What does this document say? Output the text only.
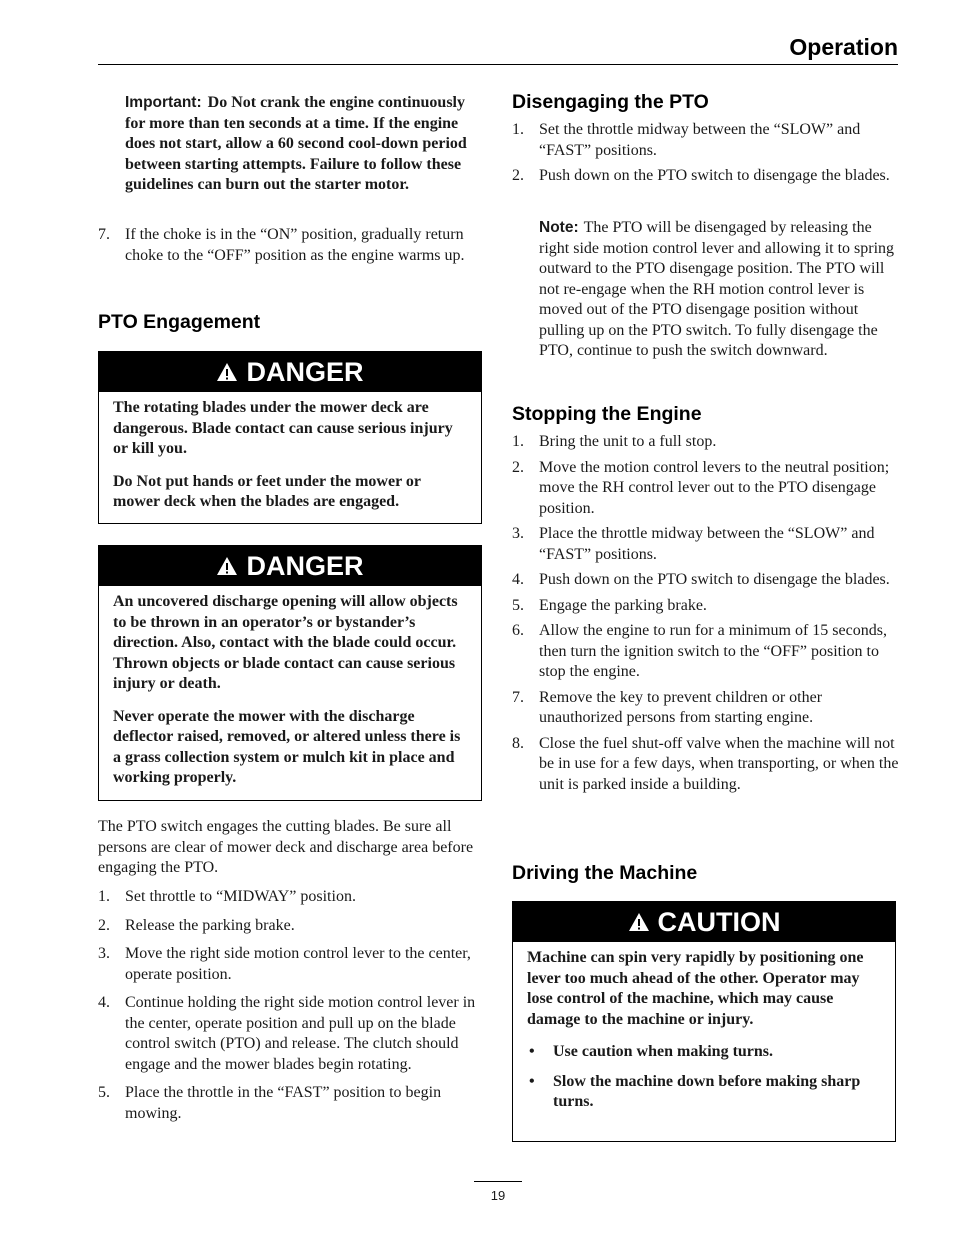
Operation
Important: Do Not crank the engine continuously for more than ten seconds at a time. If the engine does not start, allow a 60 second cool-down period between starting attempts. Failure to follow these guidelines can burn out the starter motor.
7. If the choke is in the “ON” position, gradually return choke to the “OFF” position as the engine warms up.
PTO Engagement
DANGER

The rotating blades under the mower deck are dangerous. Blade contact can cause serious injury or kill you.

Do Not put hands or feet under the mower or mower deck when the blades are engaged.

DANGER

An uncovered discharge opening will allow objects to be thrown in an operator’s or bystander’s direction. Also, contact with the blade could occur. Thrown objects or blade contact can cause serious injury or death.

Never operate the mower with the discharge deflector raised, removed, or altered unless there is a grass collection system or mulch kit in place and working properly.

The PTO switch engages the cutting blades. Be sure all persons are clear of mower deck and discharge area before engaging the PTO.

1. Set throttle to “MIDWAY” position.
2. Release the parking brake.
3. Move the right side motion control lever to the center, operate position.
4. Continue holding the right side motion control lever in the center, operate position and pull up on the blade control switch (PTO) and release. The clutch should engage and the mower blades begin rotating.
5. Place the throttle in the “FAST” position to begin mowing.
Disengaging the PTO
1. Set the throttle midway between the “SLOW” and “FAST” positions.
2. Push down on the PTO switch to disengage the blades.

Note: The PTO will be disengaged by releasing the right side motion control lever and allowing it to spring outward to the PTO disengage position. The PTO will not re-engage when the RH motion control lever is moved out of the PTO disengage position without pulling up on the PTO switch. To fully disengage the PTO, continue to push the switch downward.

Stopping the Engine
1. Bring the unit to a full stop.
2. Move the motion control levers to the neutral position; move the RH control lever out to the PTO disengage position.
3. Place the throttle midway between the “SLOW” and “FAST” positions.
4. Push down on the PTO switch to disengage the blades.
5. Engage the parking brake.
6. Allow the engine to run for a minimum of 15 seconds, then turn the ignition switch to the “OFF” position to stop the engine.
7. Remove the key to prevent children or other unauthorized persons from starting engine.
8. Close the fuel shut-off valve when the machine will not be in use for a few days, when transporting, or when the unit is parked inside a building.
Driving the Machine
CAUTION

Machine can spin very rapidly by positioning one lever too much ahead of the other. Operator may lose control of the machine, which may cause damage to the machine or injury.

• Use caution when making turns.
• Slow the machine down before making sharp turns.
19
